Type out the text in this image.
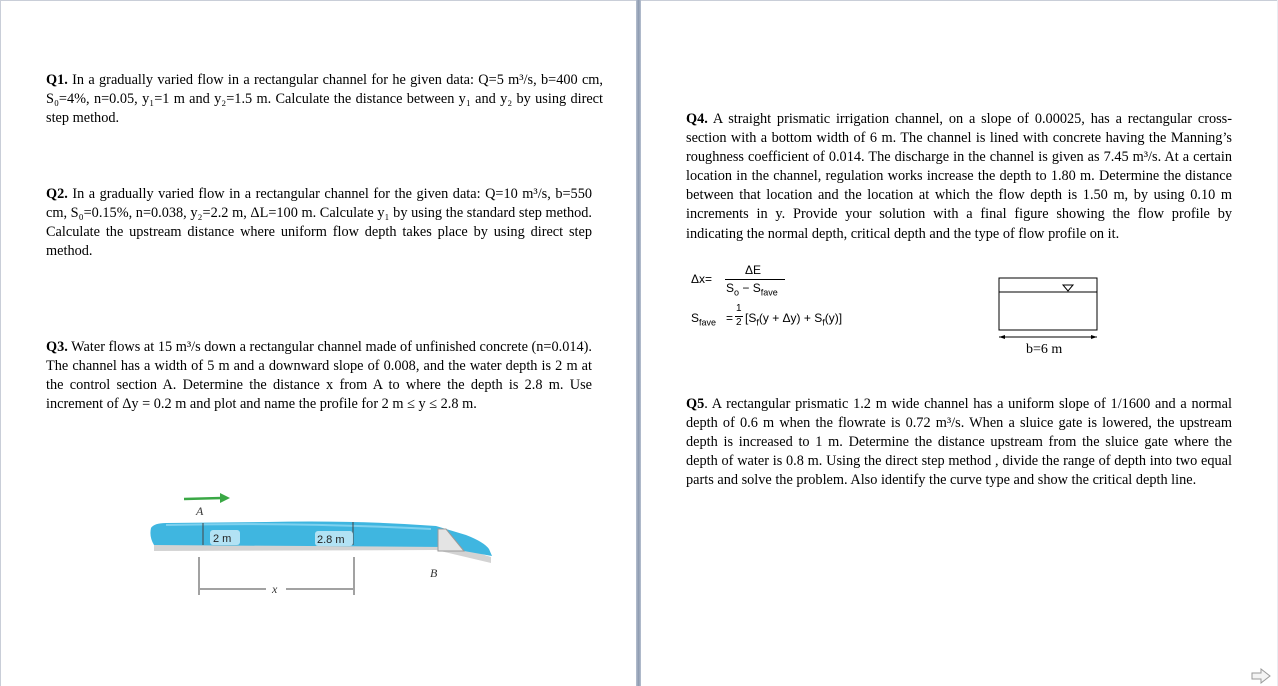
Q1. In a gradually varied flow in a rectangular channel for he given data: Q=5 m³/s, b=400 cm, S₀=4%, n=0.05, y₁=1 m and y₂=1.5 m. Calculate the distance between y₁ and y₂ by using direct step method.

Q2. In a gradually varied flow in a rectangular channel for the given data: Q=10 m³/s, b=550 cm, S₀=0.15%, n=0.038, y₂=2.2 m, ΔL=100 m. Calculate y₁ by using the standard step method. Calculate the upstream distance where uniform flow depth takes place by using direct step method.

Q3. Water flows at 15 m³/s down a rectangular channel made of unfinished concrete (n=0.014). The channel has a width of 5 m and a downward slope of 0.008, and the water depth is 2 m at the control section A. Determine the distance x from A to where the depth is 2.8 m. Use increment of Δy = 0.2 m and plot and name the profile for 2 m ≤ y ≤ 2.8 m.

2 m	2.8 m
A
B
x

Q4. A straight prismatic irrigation channel, on a slope of 0.00025, has a rectangular cross-section with a bottom width of 6 m. The channel is lined with concrete having the Manning’s roughness coefficient of 0.014. The discharge in the channel is given as 7.45 m³/s. At a certain location in the channel, regulation works increase the depth to 1.80 m. Determine the distance between that location and the location at which the flow depth is 1.50 m, by using 0.10 m increments in y. Provide your solution with a final figure showing the flow profile by indicating the normal depth, critical depth and the type of flow profile on it.

Δx=
ΔE
$S_o - S_{fave}$
$S_{fave}$ =
1
2 $[S_f(y + \Delta y) + S_f(y)]$
b=6 m

Q5. A rectangular prismatic 1.2 m wide channel has a uniform slope of 1/1600 and a normal depth of 0.6 m when the flowrate is 0.72 m³/s. When a sluice gate is lowered, the upstream depth is increased to 1 m. Determine the distance upstream from the sluice gate where the depth of water is 0.8 m. Using the direct step method , divide the range of depth into two equal parts and solve the problem. Also identify the curve type and show the critical depth line.
